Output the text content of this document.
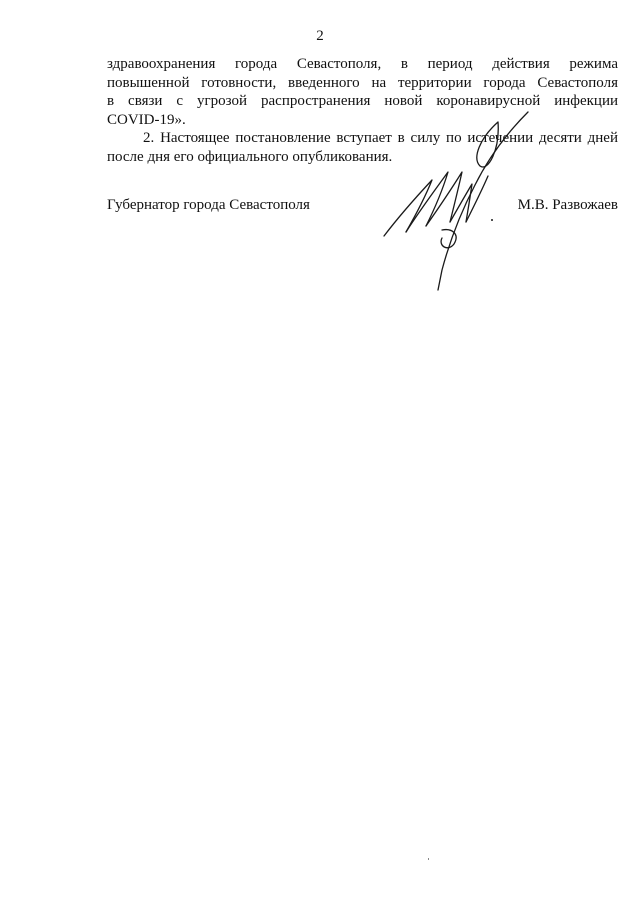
2

здравоохранения города Севастополя, в период действия режима
повышенной готовности, введенного на территории города Севастополя
в связи с угрозой распространения новой коронавирусной инфекции
COVID-19».

2. Настоящее постановление вступает в силу по истечении десяти дней
после дня его официального опубликования.

Губернатор города Севастополя	М.В. Развожаев
